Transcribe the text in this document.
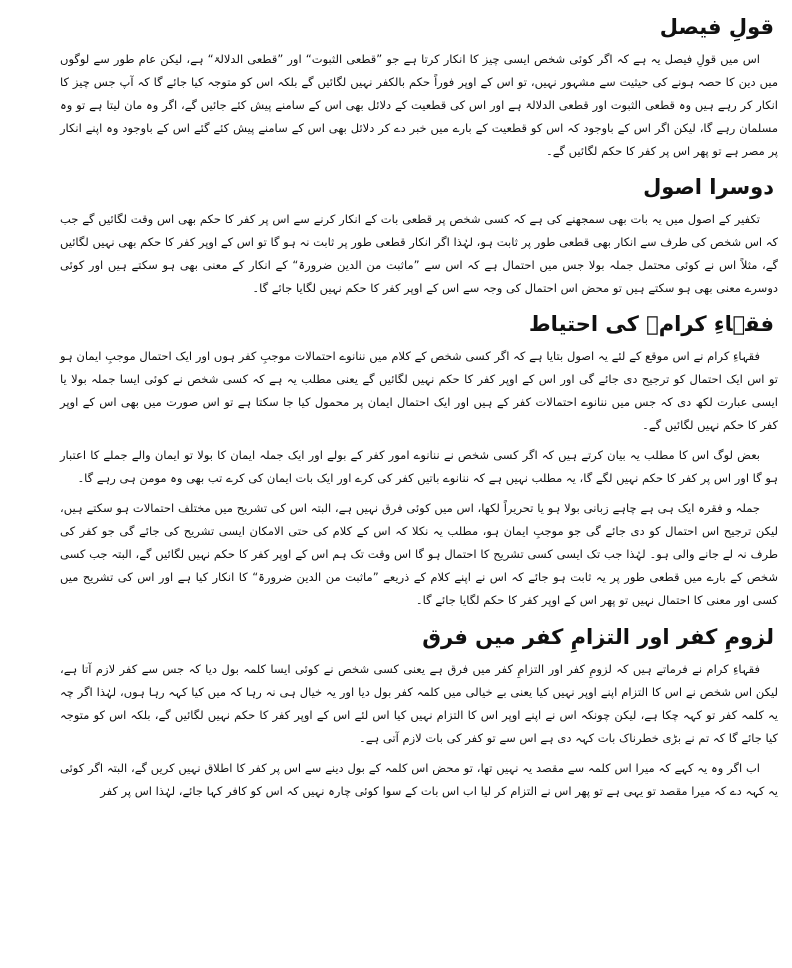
قولِ فیصل

اس میں قولِ فیصل یہ ہے کہ اگر کوئی شخص ایسی چیز کا انکار کرتا ہے جو ”قطعی الثبوت“ اور ”قطعی الدلالۃ“ ہے، لیکن عام طور سے لوگوں میں دین کا حصہ ہونے کی حیثیت سے مشہور نہیں، تو اس کے اوپر فوراً حکم بالکفر نہیں لگائیں گے بلکہ اس کو متوجہ کیا جائے گا کہ آپ جس چیز کا انکار کر رہے ہیں وہ قطعی الثبوت اور قطعی الدلالۃ ہے اور اس کی قطعیت کے دلائل بھی اس کے سامنے پیش کئے جائیں گے، اگر وہ مان لیتا ہے تو وہ مسلمان رہے گا، لیکن اگر اس کے باوجود کہ اس کو قطعیت کے بارے میں خبر دے کر دلائل بھی اس کے سامنے پیش کئے گئے اس کے باوجود وہ اپنے انکار پر مصر ہے تو پھر اس پر کفر کا حکم لگائیں گے۔

دوسرا اصول

تکفیر کے اصول میں یہ بات بھی سمجھنے کی ہے کہ کسی شخص پر قطعی بات کے انکار کرنے سے اس پر کفر کا حکم بھی اس وقت لگائیں گے جب کہ اس شخص کی طرف سے انکار بھی قطعی طور پر ثابت ہو، لہٰذا اگر انکار قطعی طور پر ثابت نہ ہو گا تو اس کے اوپر کفر کا حکم بھی نہیں لگائیں گے، مثلاً اس نے کوئی محتمل جملہ بولا جس میں احتمال ہے کہ اس سے ”ماثبت من الدین ضرورۃ“ کے انکار کے معنی بھی ہو سکتے ہیں اور کوئی دوسرے معنی بھی ہو سکتے ہیں تو محض اس احتمال کی وجہ سے اس کے اوپر کفر کا حکم نہیں لگایا جائے گا۔

فقہاءِ کرامؒ کی احتیاط

فقہاءِ کرام نے اس موقع کے لئے یہ اصول بتایا ہے کہ اگر کسی شخص کے کلام میں ننانوے احتمالات موجبِ کفر ہوں اور ایک احتمال موجبِ ایمان ہو تو اس ایک احتمال کو ترجیح دی جائے گی اور اس کے اوپر کفر کا حکم نہیں لگائیں گے یعنی مطلب یہ ہے کہ کسی شخص نے کوئی ایسا جملہ بولا یا ایسی عبارت لکھ دی کہ جس میں ننانوے احتمالات کفر کے ہیں اور ایک احتمال ایمان پر محمول کیا جا سکتا ہے تو اس صورت میں بھی اس کے اوپر کفر کا حکم نہیں لگائیں گے۔

بعض لوگ اس کا مطلب یہ بیان کرتے ہیں کہ اگر کسی شخص نے ننانوے امور کفر کے بولے اور ایک جملہ ایمان کا بولا تو ایمان والے جملے کا اعتبار ہو گا اور اس پر کفر کا حکم نہیں لگے گا، یہ مطلب نہیں ہے کہ ننانوے باتیں کفر کی کرے اور ایک بات ایمان کی کرے تب بھی وہ مومن ہی رہے گا۔

جملہ و فقرہ ایک ہی ہے چاہے زبانی بولا ہو یا تحریراً لکھا، اس میں کوئی فرق نہیں ہے، البتہ اس کی تشریح میں مختلف احتمالات ہو سکتے ہیں، لیکن ترجیح اس احتمال کو دی جائے گی جو موجبِ ایمان ہو، مطلب یہ نکلا کہ اس کے کلام کی حتی الامکان ایسی تشریح کی جائے گی جو کفر کی طرف نہ لے جانے والی ہو۔ لہٰذا جب تک ایسی کسی تشریح کا احتمال ہو گا اس وقت تک ہم اس کے اوپر کفر کا حکم نہیں لگائیں گے، البتہ جب کسی شخص کے بارے میں قطعی طور پر یہ ثابت ہو جائے کہ اس نے اپنے کلام کے ذریعے ”ماثبت من الدین ضرورۃ“ کا انکار کیا ہے اور اس کی تشریح میں کسی اور معنی کا احتمال نہیں تو پھر اس کے اوپر کفر کا حکم لگایا جائے گا۔

لزومِ کفر اور التزامِ کفر میں فرق

فقہاءِ کرام نے فرماتے ہیں کہ لزومِ کفر اور التزامِ کفر میں فرق ہے یعنی کسی شخص نے کوئی ایسا کلمہ بول دیا کہ جس سے کفر لازم آتا ہے، لیکن اس شخص نے اس کا التزام اپنے اوپر نہیں کیا یعنی بے خیالی میں کلمہ کفر بول دیا اور یہ خیال ہی نہ رہا کہ میں کیا کہہ رہا ہوں، لہٰذا اگر چہ یہ کلمہ کفر تو کہہ چکا ہے، لیکن چونکہ اس نے اپنے اوپر اس کا التزام نہیں کیا اس لئے اس کے اوپر کفر کا حکم نہیں لگائیں گے، بلکہ اس کو متوجہ کیا جائے گا کہ تم نے بڑی خطرناک بات کہہ دی ہے اس سے تو کفر کی بات لازم آتی ہے۔

اب اگر وہ یہ کہے کہ میرا اس کلمہ سے مقصد یہ نہیں تھا، تو محض اس کلمہ کے بول دینے سے اس پر کفر کا اطلاق نہیں کریں گے، البتہ اگر کوئی یہ کہہ دے کہ میرا مقصد تو یہی ہے تو پھر اس نے التزام کر لیا اب اس بات کے سوا کوئی چارہ نہیں کہ اس کو کافر کہا جائے، لہٰذا اس پر کفر
